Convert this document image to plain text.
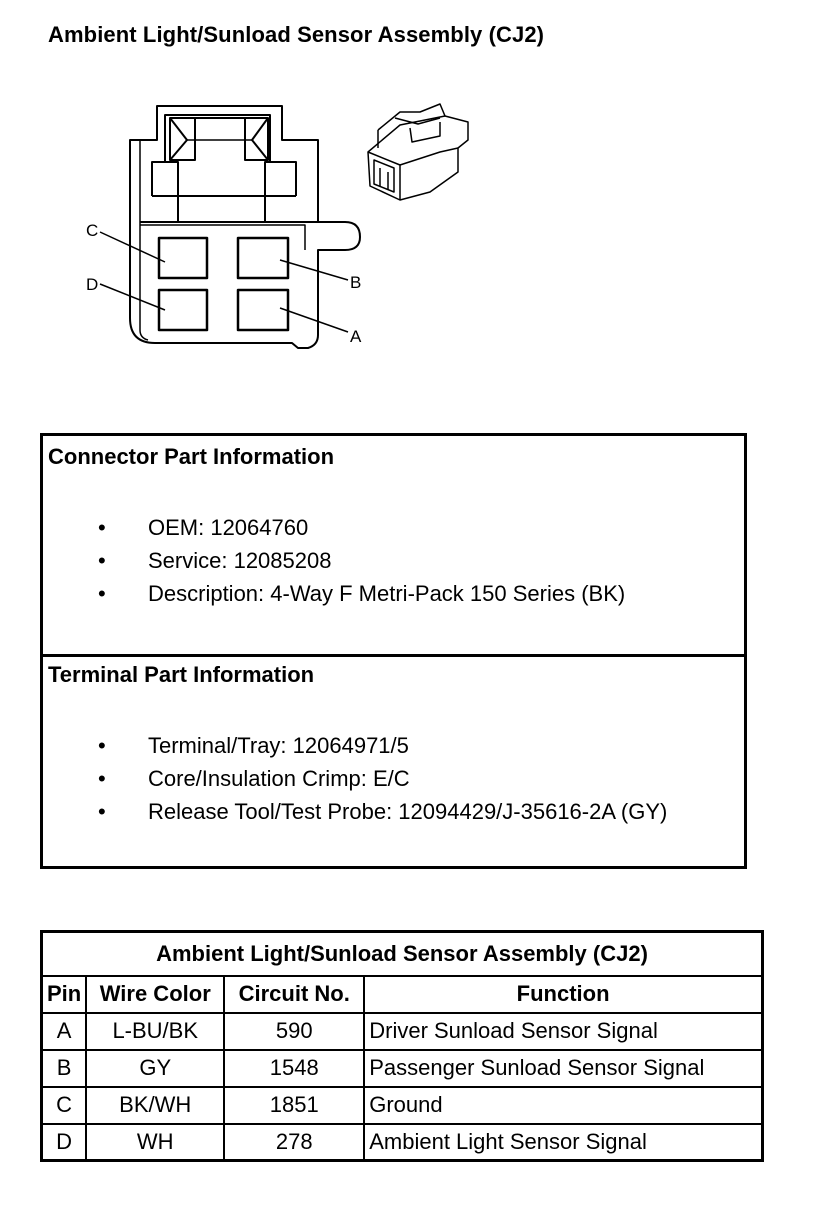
Ambient Light/Sunload Sensor Assembly (CJ2)
C
D	B
A
Connector Part Information
• OEM: 12064760
• Service: 12085208
• Description: 4-Way F Metri-Pack 150 Series (BK)
Terminal Part Information
• Terminal/Tray: 12064971/5
• Core/Insulation Crimp: E/C
• Release Tool/Test Probe: 12094429/J-35616-2A (GY)
Ambient Light/Sunload Sensor Assembly (CJ2)			
Pin	Wire Color	Circuit No.	Function
A	L-BU/BK	590	Driver Sunload Sensor Signal
B	GY	1548	Passenger Sunload Sensor Signal
C	BK/WH	1851	Ground
D	WH	278	Ambient Light Sensor Signal
